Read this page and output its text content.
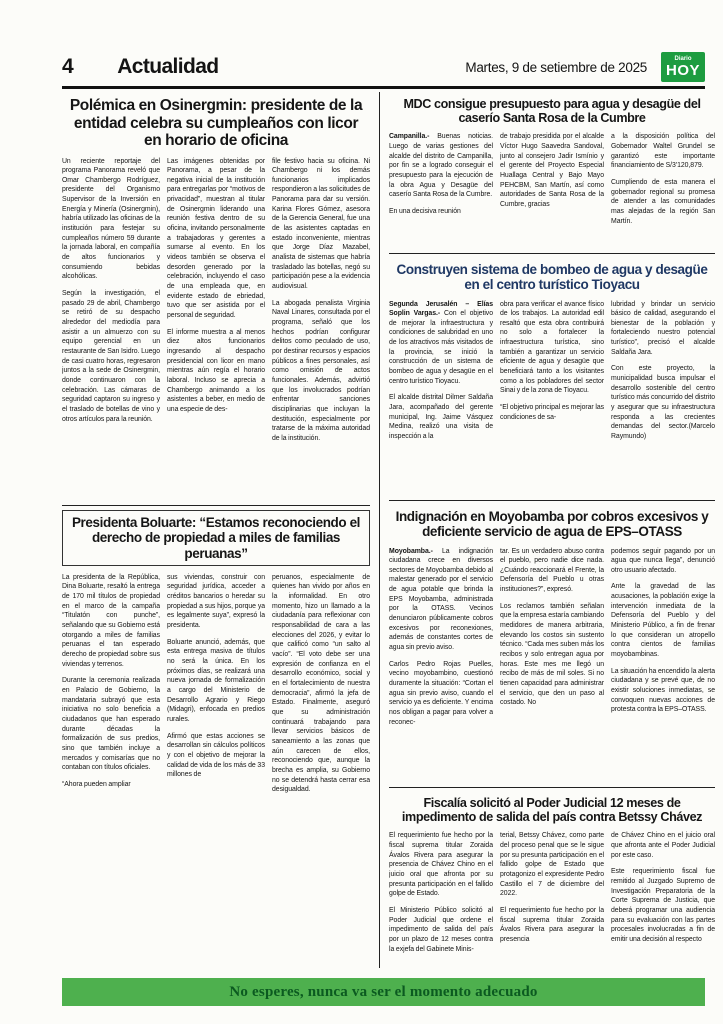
4 Actualidad	Martes, 9 de setiembre de 2025
Diario
HOY
Polémica en Osinergmin: presidente de la entidad celebra su cumpleaños con licor en horario de oficina

Un reciente reportaje del programa Panorama reveló que Omar Chambergo Rodríguez, presidente del Organismo Supervisor de la Inversión en Energía y Minería (Osinergmin), habría utilizado las oficinas de la institución para festejar su cumpleaños número 59 durante la jornada laboral, en compañía de altos funcionarios y consumiendo bebidas alcohólicas.

Según la investigación, el pasado 29 de abril, Chambergo se retiró de su despacho alrededor del mediodía para asistir a un almuerzo con su equipo gerencial en un restaurante de San Isidro. Luego de casi cuatro horas, regresaron juntos a la sede de Osinergmin, donde continuaron con la celebración. Las cámaras de seguridad captaron su ingreso y el traslado de botellas de vino y otros artículos para la reunión.

Las imágenes obtenidas por Panorama, a pesar de la negativa inicial de la institución para entregarlas por “motivos de privacidad”, muestran al titular de Osinergmin liderando una reunión festiva dentro de su oficina, invitando personalmente a trabajadoras y gerentes a sumarse al evento. En los videos también se observa el desorden generado por la celebración, incluyendo el caso de una empleada que, en evidente estado de ebriedad, tuvo que ser asistida por el personal de seguridad.

El informe muestra a al menos diez altos funcionarios ingresando al despacho presidencial con licor en mano mientras aún regía el horario laboral. Incluso se aprecia a Chambergo animando a los asistentes a beber, en medio de una especie de des-

file festivo hacia su oficina. Ni Chambergo ni los demás funcionarios implicados respondieron a las solicitudes de Panorama para dar su versión. Karina Flores Gómez, asesora de la Gerencia General, fue una de las asistentes captadas en estado inconveniente, mientras que Jorge Díaz Mazabel, analista de sistemas que habría trasladado las botellas, negó su participación pese a la evidencia audiovisual.

La abogada penalista Virginia Naval Linares, consultada por el programa, señaló que los hechos podrían configurar delitos como peculado de uso, por destinar recursos y espacios públicos a fines personales, así como omisión de actos funcionales. Además, advirtió que los involucrados podrían enfrentar sanciones disciplinarias que incluyan la destitución, especialmente por tratarse de la máxima autoridad de la institución.

Presidenta Boluarte: “Estamos reconociendo el derecho de propiedad a miles de familias peruanas”

La presidenta de la República, Dina Boluarte, resaltó la entrega de 170 mil títulos de propiedad en el marco de la campaña “Titulatón con punche”, señalando que su Gobierno está otorgando a miles de familias peruanas el tan esperado derecho de propiedad sobre sus viviendas y terrenos.

Durante la ceremonia realizada en Palacio de Gobierno, la mandataria subrayó que esta iniciativa no solo beneficia a ciudadanos que han esperado durante décadas la formalización de sus predios, sino que también incluye a mercados y comisarías que no contaban con títulos oficiales.

“Ahora pueden ampliar

sus viviendas, construir con seguridad jurídica, acceder a créditos bancarios o heredar su propiedad a sus hijos, porque ya es legalmente suya”, expresó la presidenta.

Boluarte anunció, además, que esta entrega masiva de títulos no será la única. En los próximos días, se realizará una nueva jornada de formalización a cargo del Ministerio de Desarrollo Agrario y Riego (Midagri), enfocada en predios rurales.

Afirmó que estas acciones se desarrollan sin cálculos políticos y con el objetivo de mejorar la calidad de vida de los más de 33 millones de

peruanos, especialmente de quienes han vivido por años en la informalidad. En otro momento, hizo un llamado a la ciudadanía para reflexionar con responsabilidad de cara a las elecciones del 2026, y evitar lo que calificó como “un salto al vacío”. “El voto debe ser una expresión de confianza en el desarrollo económico, social y en el fortalecimiento de nuestra democracia”, afirmó la jefa de Estado. Finalmente, aseguró que su administración continuará trabajando para llevar servicios básicos de saneamiento a las zonas que aún carecen de ellos, reconociendo que, aunque la brecha es amplia, su Gobierno no se detendrá hasta cerrar esa desigualdad.

MDC consigue presupuesto para agua y desagüe del caserío Santa Rosa de la Cumbre

Campanilla.- Buenas noticias. Luego de varias gestiones del alcalde del distrito de Campanilla, por fin se a logrado conseguir el presupuesto para la ejecución de la obra Agua y Desagüe del caserío Santa Rosa de la Cumbre.

En una decisiva reunión

de trabajo presidida por el alcalde Víctor Hugo Saavedra Sandoval, junto al consejero Jadir Ismínio y el gerente del Proyecto Especial Huallaga Central y Bajo Mayo PEHCBM, San Martín, así como autoridades de Santa Rosa de la Cumbre, gracias

a la disposición política del Gobernador Waltel Grundel se garantizó este importante financiamiento de S/3'120,879.

Cumpliendo de esta manera el gobernador regional su promesa de atender a las comunidades mas alejadas de la región San Martín.

Construyen sistema de bombeo de agua y desagüe en el centro turístico Tioyacu

Segunda Jerusalén – Elías Soplin Vargas.- Con el objetivo de mejorar la infraestructura y condiciones de salubridad en uno de los atractivos más visitados de la provincia, se inició la construcción de un sistema de bombeo de agua y desagüe en el centro turístico Tioyacu.

El alcalde distrital Dilmer Saldaña Jara, acompañado del gerente municipal, Ing. Jaime Vásquez Medina, realizó una visita de inspección a la

obra para verificar el avance físico de los trabajos. La autoridad edil resaltó que esta obra contribuirá no solo a fortalecer la infraestructura turística, sino también a garantizar un servicio eficiente de agua y desagüe que beneficiará tanto a los visitantes como a los pobladores del sector Sinai y de la zona de Tioyacu.

“El objetivo principal es mejorar las condiciones de sa-

lubridad y brindar un servicio básico de calidad, asegurando el bienestar de la población y fortaleciendo nuestro potencial turístico”, precisó el alcalde Saldaña Jara.

Con este proyecto, la municipalidad busca impulsar el desarrollo sostenible del centro turístico más concurrido del distrito y asegurar que su infraestructura responda a las crecientes demandas del sector.(Marcelo Raymundo)

Indignación en Moyobamba por cobros excesivos y deficiente servicio de agua de EPS–OTASS

Moyobamba.- La indignación ciudadana crece en diversos sectores de Moyobamba debido al malestar generado por el servicio de agua potable que brinda la EPS Moyobamba, administrada por la OTASS. Vecinos denunciaron públicamente cobros excesivos por reconexiones, además de constantes cortes de agua sin previo aviso.

Carlos Pedro Rojas Puelles, vecino moyobambino, cuestionó duramente la situación: “Cortan el agua sin previo aviso, cuando el servicio ya es deficiente. Y encima nos obligan a pagar para volver a reconec-

tar. Es un verdadero abuso contra el pueblo, pero nadie dice nada. ¿Cuándo reaccionará el Frente, la Defensoría del Pueblo u otras instituciones?”, expresó.

Los reclamos también señalan que la empresa estaría cambiando medidores de manera arbitraria, elevando los costos sin sustento técnico. “Cada mes suben más los recibos y solo entregan agua por horas. Este mes me llegó un recibo de más de mil soles. Si no tienen capacidad para administrar el servicio, que den un paso al costado. No

podemos seguir pagando por un agua que nunca llega”, denunció otro usuario afectado.

Ante la gravedad de las acusaciones, la población exige la intervención inmediata de la Defensoría del Pueblo y del Ministerio Público, a fin de frenar lo que consideran un atropello contra cientos de familias moyobambinas.

La situación ha encendido la alerta ciudadana y se prevé que, de no existir soluciones inmediatas, se convoquen nuevas acciones de protesta contra la EPS–OTASS.

Fiscalía solicitó al Poder Judicial 12 meses de impedimento de salida del país contra Betssy Chávez

El requerimiento fue hecho por la fiscal suprema titular Zoraida Ávalos Rivera para asegurar la presencia de Chávez Chino en el juicio oral que afronta por su presunta participación en el fallido golpe de Estado.

El Ministerio Público solicitó al Poder Judicial que ordene el impedimento de salida del país por un plazo de 12 meses contra la exjefa del Gabinete Minis-

terial, Betssy Chávez, como parte del proceso penal que se le sigue por su presunta participación en el fallido golpe de Estado que protagonizo el expresidente Pedro Castillo el 7 de diciembre del 2022.

El requerimiento fue hecho por la fiscal suprema titular Zoraida Ávalos Rivera para asegurar la presencia

de Chávez Chino en el juicio oral que afronta ante el Poder Judicial por este caso.

Este requerimiento fiscal fue remitido al Juzgado Supremo de Investigación Preparatoria de la Corte Suprema de Justicia, que deberá programar una audiencia para su evaluación con las partes procesales involucradas a fin de emitir una decisión al respecto

No esperes, nunca va ser el momento adecuado
